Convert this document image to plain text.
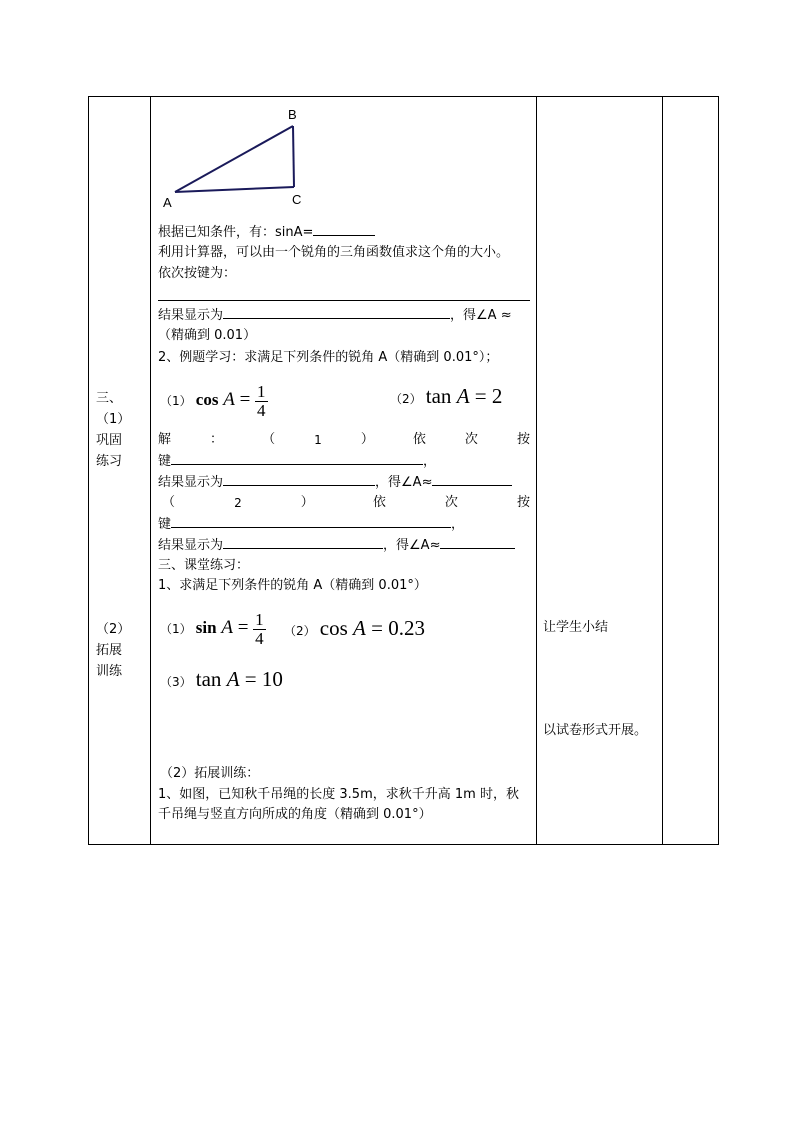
三、
（1）
巩固
练习
（2）
拓展
训练
A
B
C
根据已知条件，有：sinA=
利用计算器，可以由一个锐角的三角函数值求这个角的大小。
依次按键为：
结果显示为	，得∠A ≈
（精确到 0.01）
2、例题学习：求满足下列条件的锐角 A（精确到 0.01°）；
（1） $\cos A = \frac{1}{4}$	（2） tan A = 2
解	：	（	1	）	依	次	按
键	，
结果显示为	，得∠A≈
（	2	）	依	次	按
键	，
结果显示为	，得∠A≈
三、课堂练习：
1、求满足下列条件的锐角 A（精确到 0.01°）
（1） $\sin A = \frac{1}{4} (2)$ cos A = 0.23
（3） tan A = 10
（2）拓展训练：
1、如图，已知秋千吊绳的长度 3.5m，求秋千升高 1m 时，秋
千吊绳与竖直方向所成的角度（精确到 0.01°）
让学生小结
以试卷形式开展。
